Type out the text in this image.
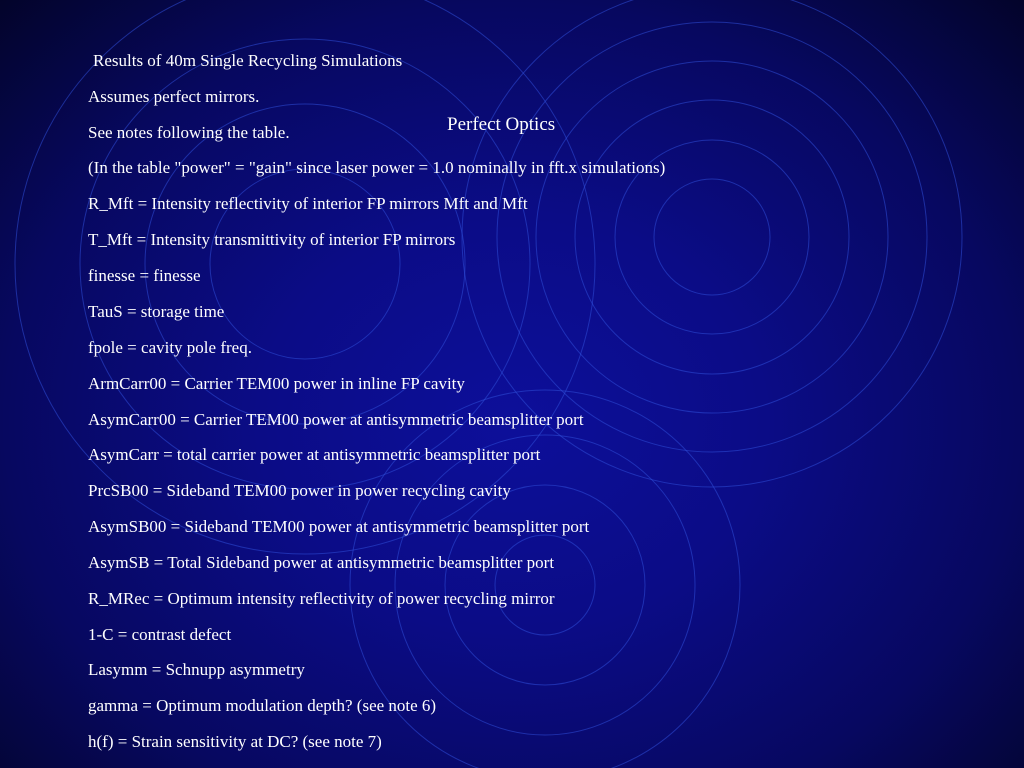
Results of 40m Single Recycling Simulations
Perfect Optics
Assumes perfect mirrors.
See notes following the table.
(In the table "power" = "gain" since laser power = 1.0 nominally in fft.x simulations)
R_Mft = Intensity reflectivity of interior FP mirrors Mft and Mft
T_Mft = Intensity transmittivity of interior FP mirrors
finesse = finesse
TauS = storage time
fpole = cavity pole freq.
ArmCarr00 = Carrier TEM00 power in inline FP cavity
AsymCarr00 = Carrier TEM00 power at antisymmetric beamsplitter port
AsymCarr = total carrier power at antisymmetric beamsplitter port
PrcSB00 = Sideband TEM00 power in power recycling cavity
AsymSB00 = Sideband TEM00 power at antisymmetric beamsplitter port
AsymSB = Total Sideband power at antisymmetric beamsplitter port
R_MRec = Optimum intensity reflectivity of power recycling mirror
1-C = contrast defect
Lasymm = Schnupp asymmetry
gamma = Optimum modulation depth? (see note 6)
h(f) = Strain sensitivity at DC? (see note 7)
